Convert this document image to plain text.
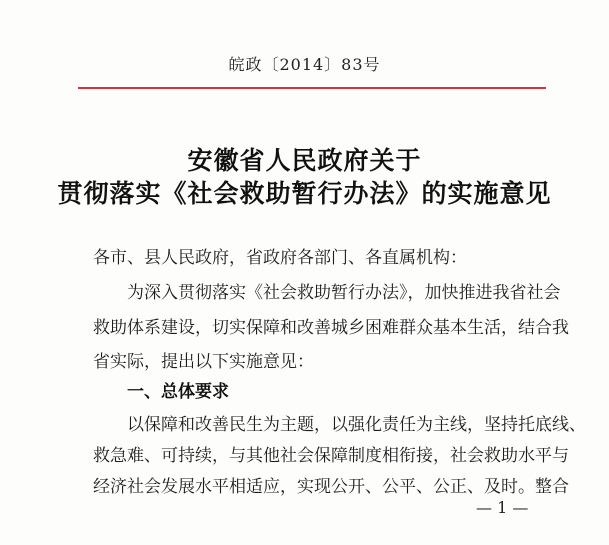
皖政〔2014〕83号
安徽省人民政府关于
贯彻落实《社会救助暂行办法》的实施意见
各市、县人民政府，省政府各部门、各直属机构：
为深入贯彻落实《社会救助暂行办法》，加快推进我省社会
救助体系建设，切实保障和改善城乡困难群众基本生活，结合我
省实际，提出以下实施意见：
一、总体要求
以保障和改善民生为主题，以强化责任为主线，坚持托底线、
救急难、可持续，与其他社会保障制度相衔接，社会救助水平与
经济社会发展水平相适应，实现公开、公平、公正、及时。整合
— 1 —
